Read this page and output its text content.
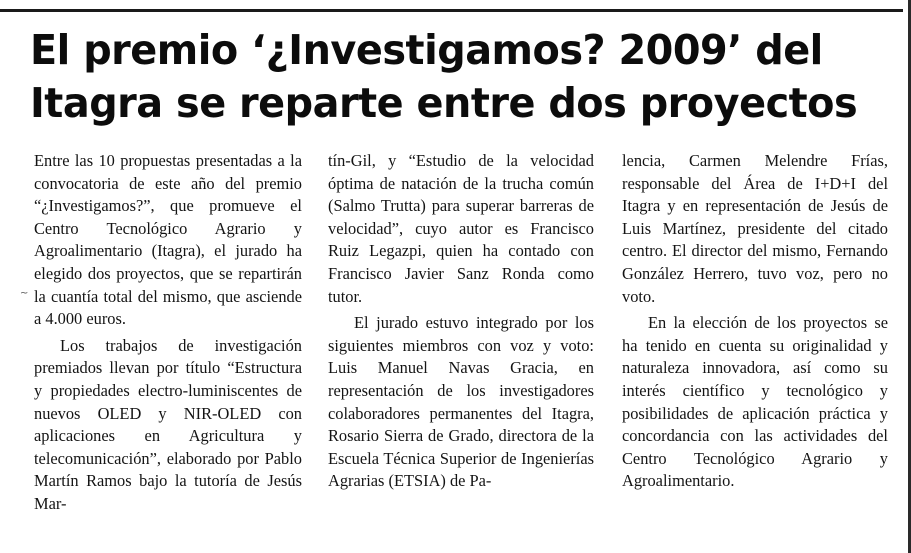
El premio ‘¿Investigamos? 2009’ del
Itagra se reparte entre dos proyectos
~

Entre las 10 propuestas presentadas a la convocatoria de este año del premio “¿Investigamos?”, que promueve el Centro Tecnológico Agrario y Agroalimentario (Itagra), el jurado ha elegido dos proyectos, que se repartirán la cuantía total del mismo, que asciende a 4.000 euros.

Los trabajos de investigación premiados llevan por título “Estructura y propiedades electro-luminiscentes de nuevos OLED y NIR-OLED con aplicaciones en Agricultura y telecomunicación”, elaborado por Pablo Martín Ramos bajo la tutoría de Jesús Mar-

tín-Gil, y “Estudio de la velocidad óptima de natación de la trucha común (Salmo Trutta) para superar barreras de velocidad”, cuyo autor es Francisco Ruiz Legazpi, quien ha contado con Francisco Javier Sanz Ronda como tutor.

El jurado estuvo integrado por los siguientes miembros con voz y voto: Luis Manuel Navas Gracia, en representación de los investigadores colaboradores permanentes del Itagra, Rosario Sierra de Grado, directora de la Escuela Técnica Superior de Ingenierías Agrarias (ETSIA) de Pa-

lencia, Carmen Melendre Frías, responsable del Área de I+D+I del Itagra y en representación de Jesús de Luis Martínez, presidente del citado centro. El director del mismo, Fernando González Herrero, tuvo voz, pero no voto.

En la elección de los proyectos se ha tenido en cuenta su originalidad y naturaleza innovadora, así como su interés científico y tecnológico y posibilidades de aplicación práctica y concordancia con las actividades del Centro Tecnológico Agrario y Agroalimentario.
